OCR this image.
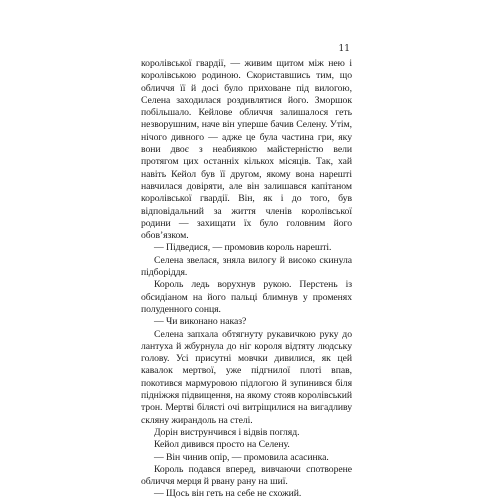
11

королівської гвардії, — живим щитом між нею і королівською родиною. Скориставшись тим, що обличчя її й досі було приховане під вилогою, Селена заходилася роздивлятися його. Зморшок побільшало. Кейлове обличчя залишалося геть незворушним, наче він уперше бачив Селену. Утім, нічого дивного — адже це була частина гри, яку вони двоє з неабиякою майстерністю вели протягом цих останніх кількох місяців. Так, хай навіть Кейол був її другом, якому вона нарешті навчилася довіряти, але він залишався капітаном королівської гвардії. Він, як і до того, був відповідальний за життя членів королівської родини — захищати їх було головним його обов’язком.

— Підведися, — промовив король нарешті.

Селена звелася, зняла вилогу й високо скинула підборіддя.

Король ледь ворухнув рукою. Перстень із обсидіаном на його пальці блимнув у променях полуденного сонця.

— Чи виконано наказ?

Селена запхала обтягнуту рукавичкою руку до лантуха й жбурнула до ніг короля відтяту людську голову. Усі присутні мовчки дивилися, як цей кавалок мертвої, уже підгнилої плоті впав, покотився мармуровою підлогою й зупинився біля підніжжя підвищення, на якому стояв королівський трон. Мертві білясті очі витріщилися на вигадливу скляну жирандоль на стелі.

Дорін виструнчився і відвів погляд.

Кейол дивився просто на Селену.

— Він чинив опір, — промовила асасинка.

Король подався вперед, вивчаючи спотворене обличчя мерця й рвану рану на шиї.

— Щось він геть на себе не схожий.
